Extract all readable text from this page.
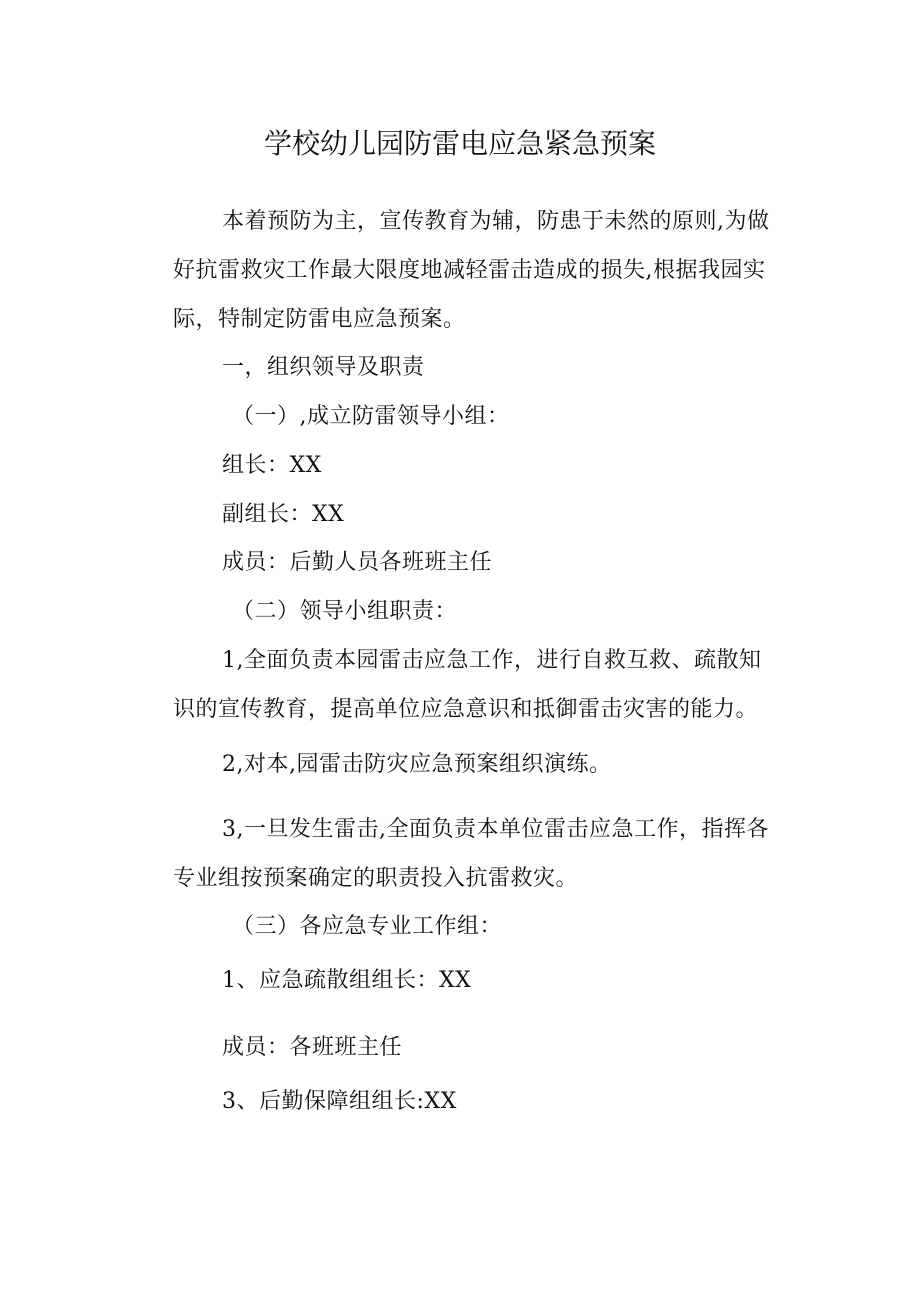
学校幼儿园防雷电应急紧急预案
本着预防为主，宣传教育为辅，防患于未然的原则,为做
好抗雷救灾工作最大限度地减轻雷击造成的损失,根据我园实
际，特制定防雷电应急预案。
一，组织领导及职责
（一）,成立防雷领导小组：
组长：XX
副组长：XX
成员：后勤人员各班班主任
（二）领导小组职责：
1,全面负责本园雷击应急工作，进行自救互救、疏散知
识的宣传教育，提高单位应急意识和抵御雷击灾害的能力。
2,对本,园雷击防灾应急预案组织演练。
3,一旦发生雷击,全面负责本单位雷击应急工作，指挥各
专业组按预案确定的职责投入抗雷救灾。
（三）各应急专业工作组：
1、应急疏散组组长：XX
成员：各班班主任
3、后勤保障组组长:XX
